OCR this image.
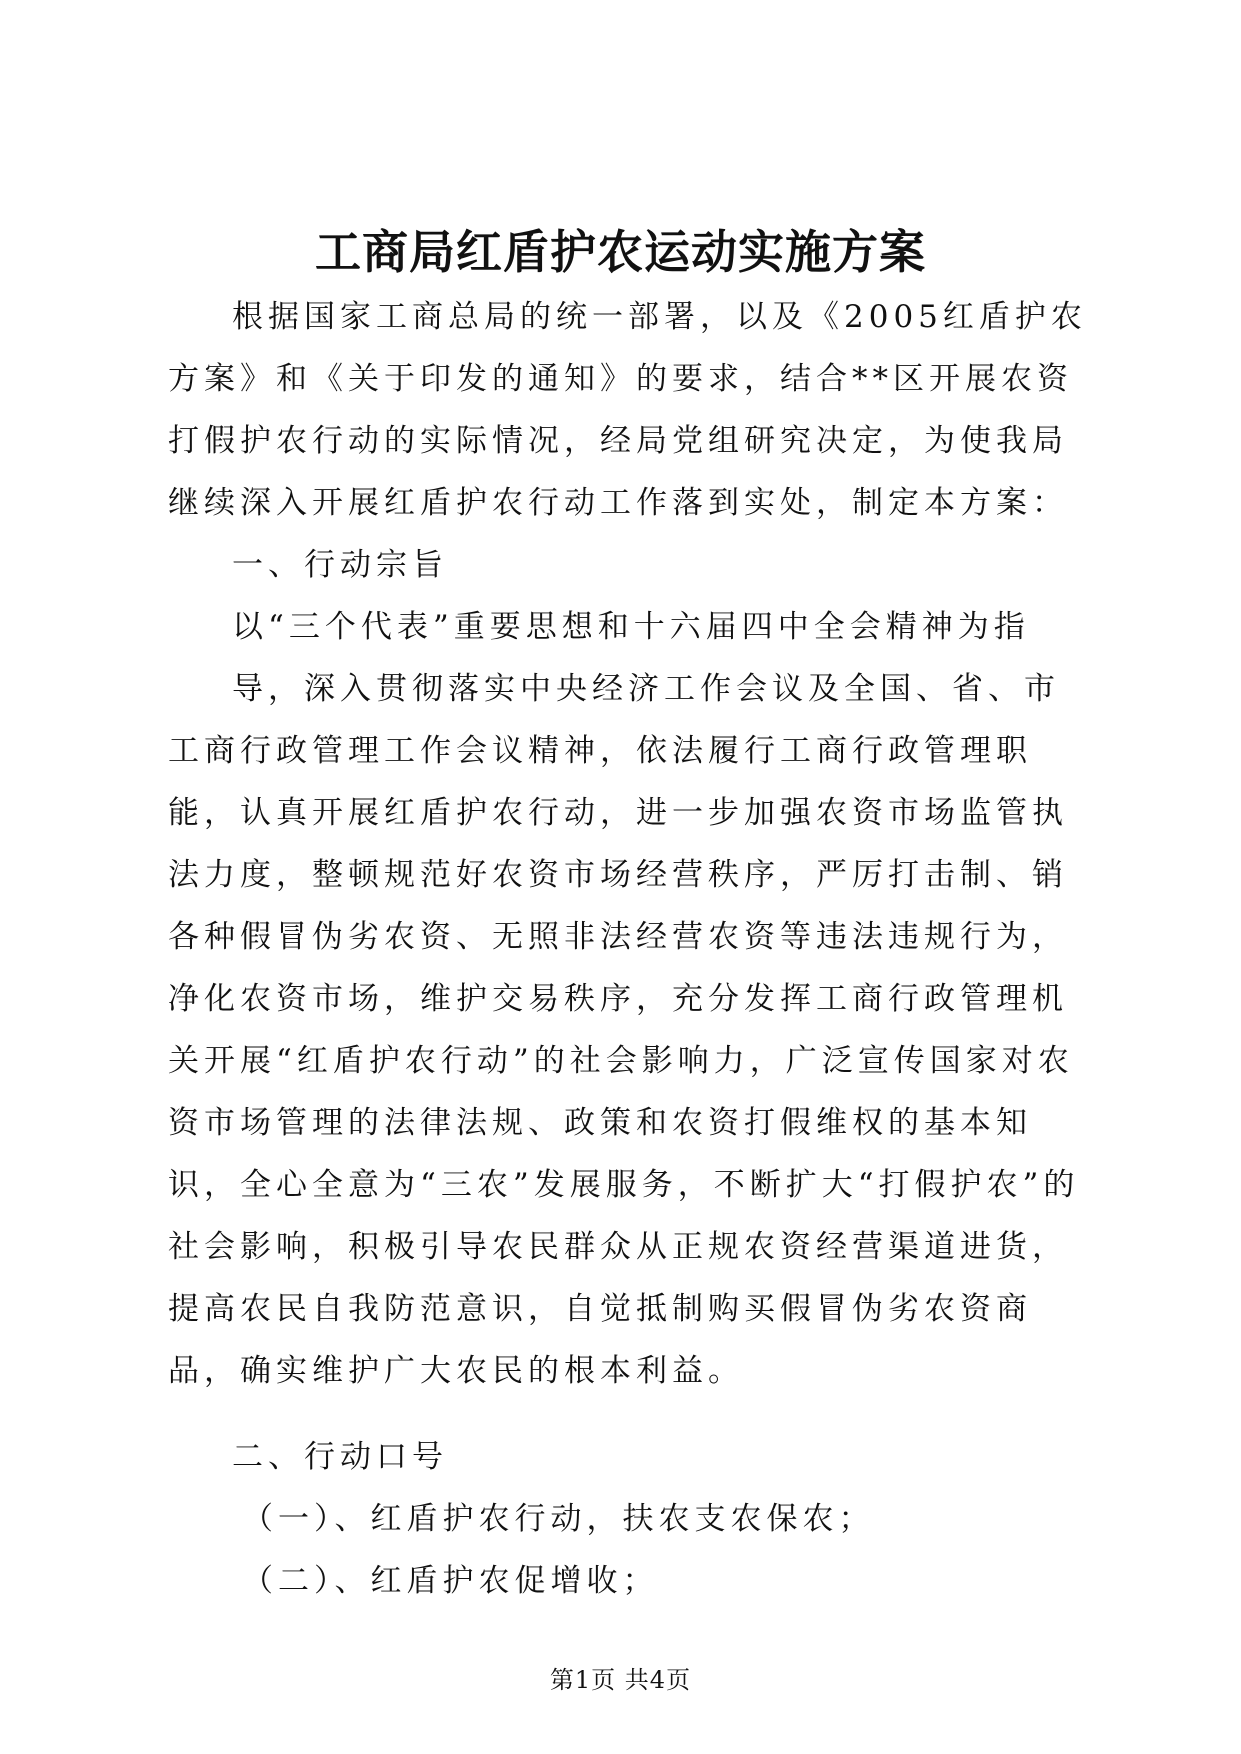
工商局红盾护农运动实施方案

根据国家工商总局的统一部署，以及《2005红盾护农方案》和《关于印发的通知》的要求，结合**区开展农资打假护农行动的实际情况，经局党组研究决定，为使我局继续深入开展红盾护农行动工作落到实处，制定本方案：

一、行动宗旨

以“三个代表”重要思想和十六届四中全会精神为指

导，深入贯彻落实中央经济工作会议及全国、省、市工商行政管理工作会议精神，依法履行工商行政管理职能，认真开展红盾护农行动，进一步加强农资市场监管执法力度，整顿规范好农资市场经营秩序，严厉打击制、销各种假冒伪劣农资、无照非法经营农资等违法违规行为，净化农资市场，维护交易秩序，充分发挥工商行政管理机关开展“红盾护农行动”的社会影响力，广泛宣传国家对农资市场管理的法律法规、政策和农资打假维权的基本知识，全心全意为“三农”发展服务，不断扩大“打假护农”的社会影响，积极引导农民群众从正规农资经营渠道进货，提高农民自我防范意识，自觉抵制购买假冒伪劣农资商品，确实维护广大农民的根本利益。

二、行动口号

（一）、红盾护农行动，扶农支农保农；

（二）、红盾护农促增收；

第1页 共4页
